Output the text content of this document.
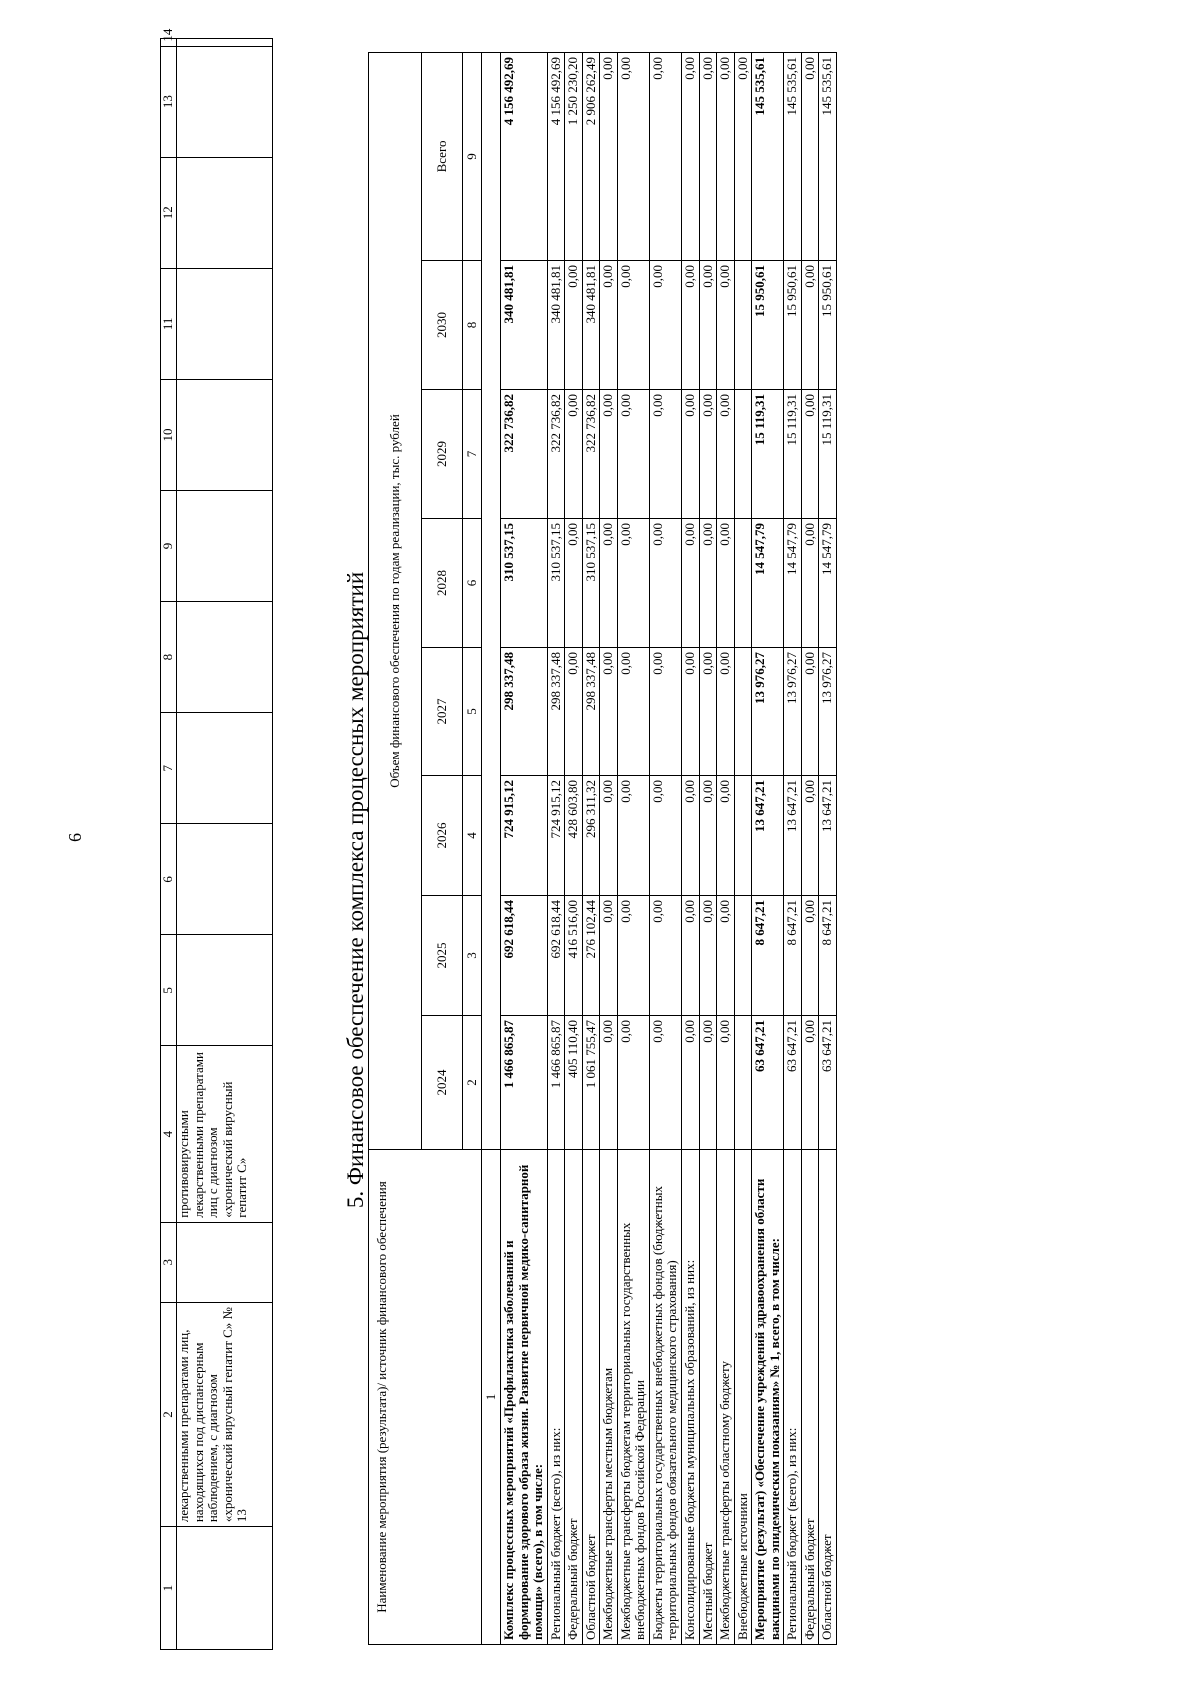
6
1	2	3	4	5	6	7	8	9	10	11	12	13	14
	лекарственными препаратами лиц, находящихся под диспансерным наблюдением, с диагнозом «хронический вирусный гепатит С» № 13		противовирусными лекарственными препаратами лиц с диагнозом «хронический вирусный гепатит С»											5. Финансовое обеспечение комплекса процессных мероприятий
Наименование мероприятия (результата)/ источник финансового обеспечения	Объем финансового обеспечения по годам реализации, тыс. рублей							
	2024	2025	2026	2027	2028	2029	2030	Всего
	2	3	4	5	6	7	8	9
1								
Комплекс процессных мероприятий «Профилактика заболеваний и формирование здорового образа жизни. Развитие первичной медико-санитарной помощи» (всего), в том числе:	1 466 865,87	692 618,44	724 915,12	298 337,48	310 537,15	322 736,82	340 481,81	4 156 492,69
Региональный бюджет (всего), из них:	1 466 865,87	692 618,44	724 915,12	298 337,48	310 537,15	322 736,82	340 481,81	4 156 492,69
Федеральный бюджет	405 110,40	416 516,00	428 603,80	0,00	0,00	0,00	0,00	1 250 230,20
Областной бюджет	1 061 755,47	276 102,44	296 311,32	298 337,48	310 537,15	322 736,82	340 481,81	2 906 262,49
Межбюджетные трансферты местным бюджетам	0,00	0,00	0,00	0,00	0,00	0,00	0,00	0,00
Межбюджетные трансферты бюджетам территориальных государственных внебюджетных фондов Российской Федерации	0,00	0,00	0,00	0,00	0,00	0,00	0,00	0,00
Бюджеты территориальных государственных внебюджетных фондов (бюджетных территориальных фондов обязательного медицинского страхования)	0,00	0,00	0,00	0,00	0,00	0,00	0,00	0,00
Консолидированные бюджеты муниципальных образований, из них:	0,00	0,00	0,00	0,00	0,00	0,00	0,00	0,00
Местный бюджет	0,00	0,00	0,00	0,00	0,00	0,00	0,00	0,00
Межбюджетные трансферты областному бюджету	0,00	0,00	0,00	0,00	0,00	0,00	0,00	0,00
Внебюджетные источники								0,00
Мероприятие (результат) «Обеспечение учреждений здравоохранения области вакцинами по эпидемическим показаниям» № 1, всего, в том числе:	63 647,21	8 647,21	13 647,21	13 976,27	14 547,79	15 119,31	15 950,61	145 535,61
Региональный бюджет (всего), из них:	63 647,21	8 647,21	13 647,21	13 976,27	14 547,79	15 119,31	15 950,61	145 535,61
Федеральный бюджет	0,00	0,00	0,00	0,00	0,00	0,00	0,00	0,00
Областной бюджет	63 647,21	8 647,21	13 647,21	13 976,27	14 547,79	15 119,31	15 950,61	145 535,61
